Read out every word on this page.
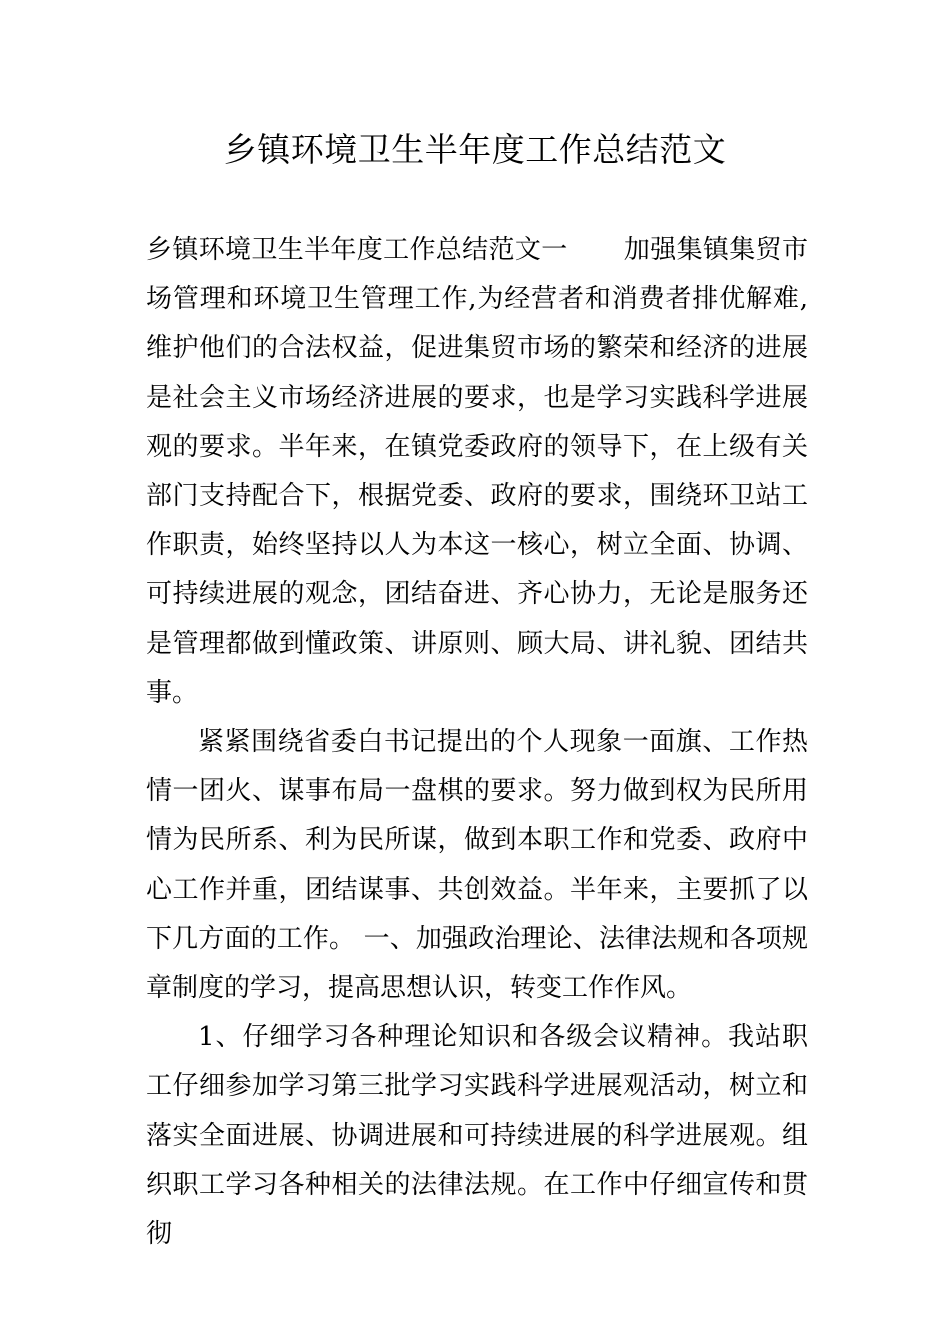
乡镇环境卫生半年度工作总结范文

乡镇环境卫生半年度工作总结范文一 加强集镇集贸市场管理和环境卫生管理工作,为经营者和消费者排优解难,维护他们的合法权益，促进集贸市场的繁荣和经济的进展是社会主义市场经济进展的要求，也是学习实践科学进展观的要求。半年来，在镇党委政府的领导下，在上级有关部门支持配合下，根据党委、政府的要求，围绕环卫站工作职责，始终坚持以人为本这一核心，树立全面、协调、可持续进展的观念，团结奋进、齐心协力，无论是服务还是管理都做到懂政策、讲原则、顾大局、讲礼貌、团结共事。

紧紧围绕省委白书记提出的个人现象一面旗、工作热情一团火、谋事布局一盘棋的要求。努力做到权为民所用情为民所系、利为民所谋，做到本职工作和党委、政府中心工作并重，团结谋事、共创效益。半年来，主要抓了以下几方面的工作。 一、加强政治理论、法律法规和各项规章制度的学习，提高思想认识，转变工作作风。

1、仔细学习各种理论知识和各级会议精神。我站职工仔细参加学习第三批学习实践科学进展观活动，树立和落实全面进展、协调进展和可持续进展的科学进展观。组织职工学习各种相关的法律法规。在工作中仔细宣传和贯彻
